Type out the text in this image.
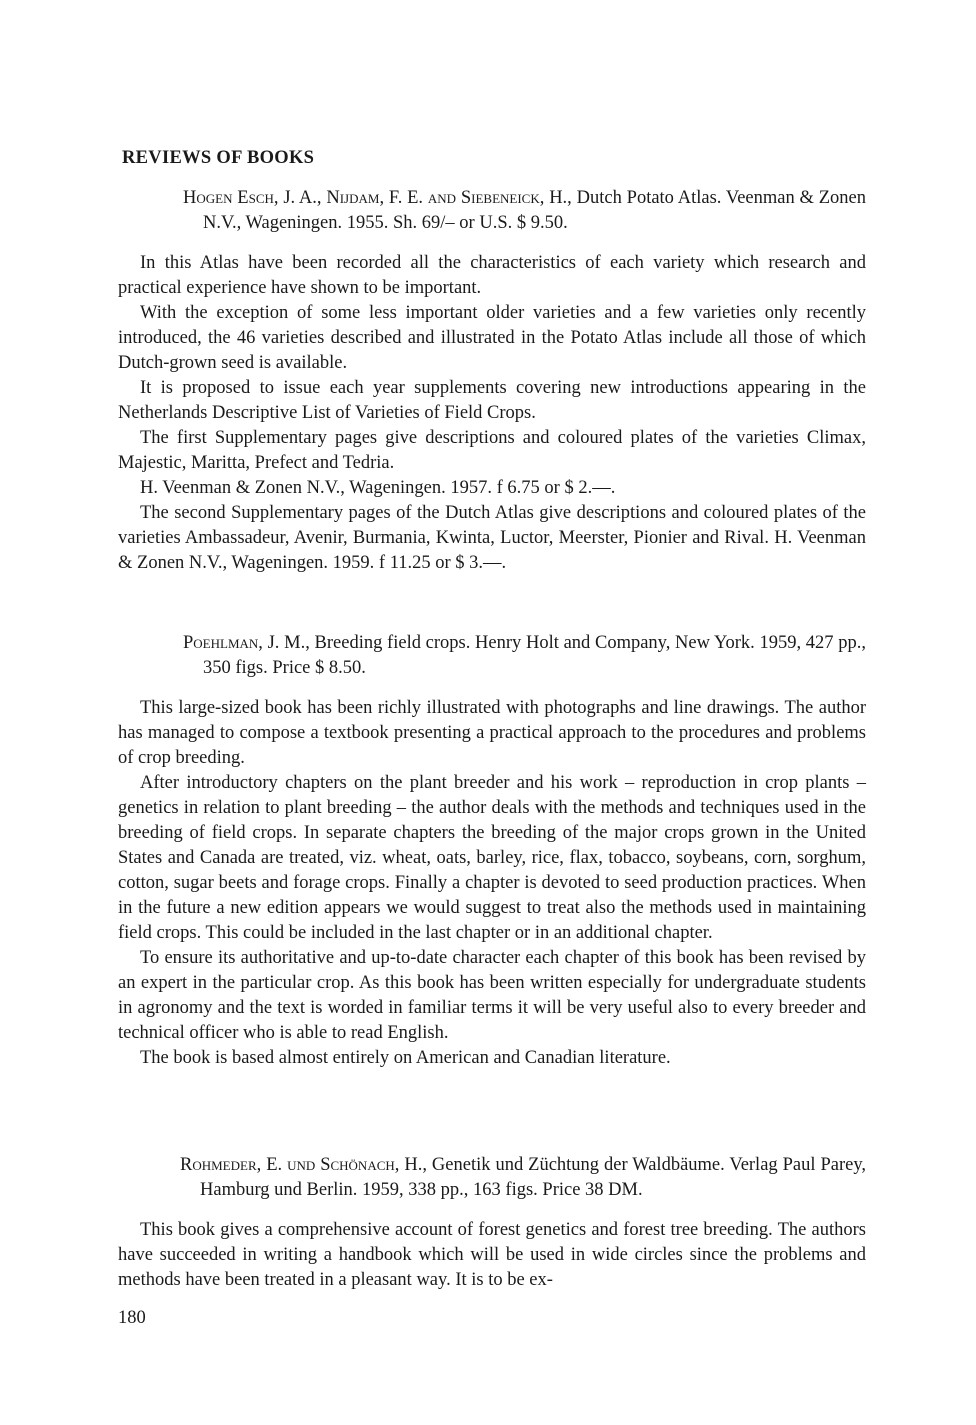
REVIEWS OF BOOKS

Hogen Esch, J. A., Nijdam, F. E. and Siebeneick, H., Dutch Potato Atlas. Veenman & Zonen N.V., Wageningen. 1955. Sh. 69/– or U.S. $ 9.50.

In this Atlas have been recorded all the characteristics of each variety which research and practical experience have shown to be important.

With the exception of some less important older varieties and a few varieties only recently introduced, the 46 varieties described and illustrated in the Potato Atlas include all those of which Dutch-grown seed is available.

It is proposed to issue each year supplements covering new introductions appearing in the Netherlands Descriptive List of Varieties of Field Crops.

The first Supplementary pages give descriptions and coloured plates of the varieties Climax, Majestic, Maritta, Prefect and Tedria.

H. Veenman & Zonen N.V., Wageningen. 1957. f 6.75 or $ 2.—.

The second Supplementary pages of the Dutch Atlas give descriptions and coloured plates of the varieties Ambassadeur, Avenir, Burmania, Kwinta, Luctor, Meerster, Pionier and Rival. H. Veenman & Zonen N.V., Wageningen. 1959. f 11.25 or $ 3.—.

Poehlman, J. M., Breeding field crops. Henry Holt and Company, New York. 1959, 427 pp., 350 figs. Price $ 8.50.

This large-sized book has been richly illustrated with photographs and line drawings. The author has managed to compose a textbook presenting a practical approach to the procedures and problems of crop breeding.

After introductory chapters on the plant breeder and his work – reproduction in crop plants – genetics in relation to plant breeding – the author deals with the methods and techniques used in the breeding of field crops. In separate chapters the breeding of the major crops grown in the United States and Canada are treated, viz. wheat, oats, barley, rice, flax, tobacco, soybeans, corn, sorghum, cotton, sugar beets and forage crops. Finally a chapter is devoted to seed production practices. When in the future a new edition appears we would suggest to treat also the methods used in maintaining field crops. This could be included in the last chapter or in an additional chapter.

To ensure its authoritative and up-to-date character each chapter of this book has been revised by an expert in the particular crop. As this book has been written especially for undergraduate students in agronomy and the text is worded in familiar terms it will be very useful also to every breeder and technical officer who is able to read English.

The book is based almost entirely on American and Canadian literature.

Rohmeder, E. und Schönach, H., Genetik und Züchtung der Waldbäume. Verlag Paul Parey, Hamburg und Berlin. 1959, 338 pp., 163 figs. Price 38 DM.

This book gives a comprehensive account of forest genetics and forest tree breeding. The authors have succeeded in writing a handbook which will be used in wide circles since the problems and methods have been treated in a pleasant way. It is to be ex-

180
